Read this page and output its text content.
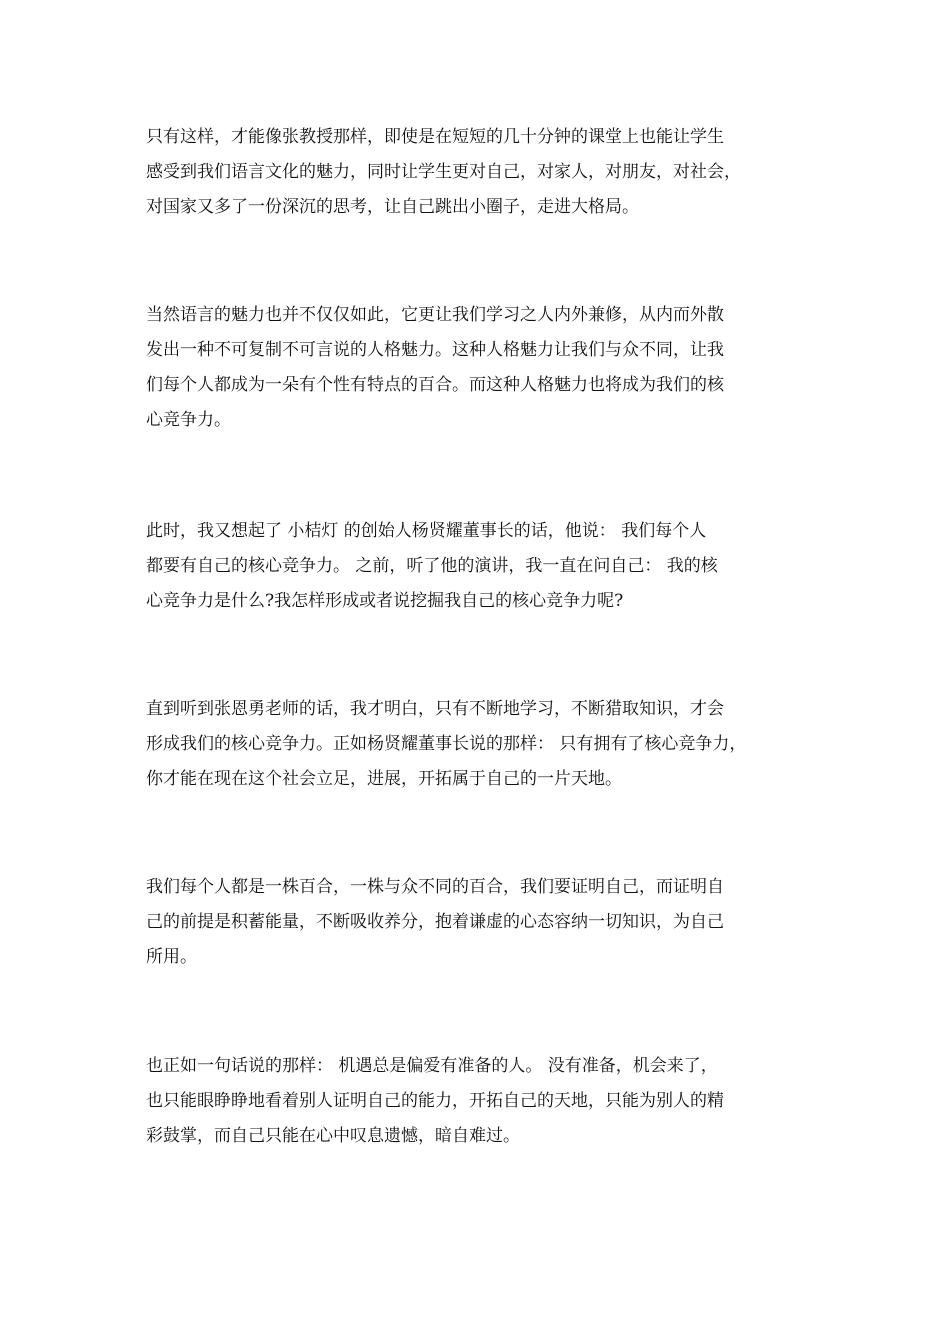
只有这样，才能像张教授那样，即使是在短短的几十分钟的课堂上也能让学生
感受到我们语言文化的魅力，同时让学生更对自己，对家人，对朋友，对社会，
对国家又多了一份深沉的思考，让自己跳出小圈子，走进大格局。
当然语言的魅力也并不仅仅如此，它更让我们学习之人内外兼修，从内而外散
发出一种不可复制不可言说的人格魅力。这种人格魅力让我们与众不同，让我
们每个人都成为一朵有个性有特点的百合。而这种人格魅力也将成为我们的核
心竞争力。
此时，我又想起了 小桔灯 的创始人杨贤耀董事长的话，他说： 我们每个人
都要有自己的核心竞争力。 之前，听了他的演讲，我一直在问自己： 我的核
心竞争力是什么?我怎样形成或者说挖掘我自己的核心竞争力呢?
直到听到张恩勇老师的话，我才明白，只有不断地学习，不断猎取知识，才会
形成我们的核心竞争力。正如杨贤耀董事长说的那样： 只有拥有了核心竞争力，
你才能在现在这个社会立足，进展，开拓属于自己的一片天地。
我们每个人都是一株百合，一株与众不同的百合，我们要证明自己，而证明自
己的前提是积蓄能量，不断吸收养分，抱着谦虚的心态容纳一切知识，为自己
所用。
也正如一句话说的那样： 机遇总是偏爱有准备的人。 没有准备，机会来了，
也只能眼睁睁地看着别人证明自己的能力，开拓自己的天地，只能为别人的精
彩鼓掌，而自己只能在心中叹息遗憾，暗自难过。
